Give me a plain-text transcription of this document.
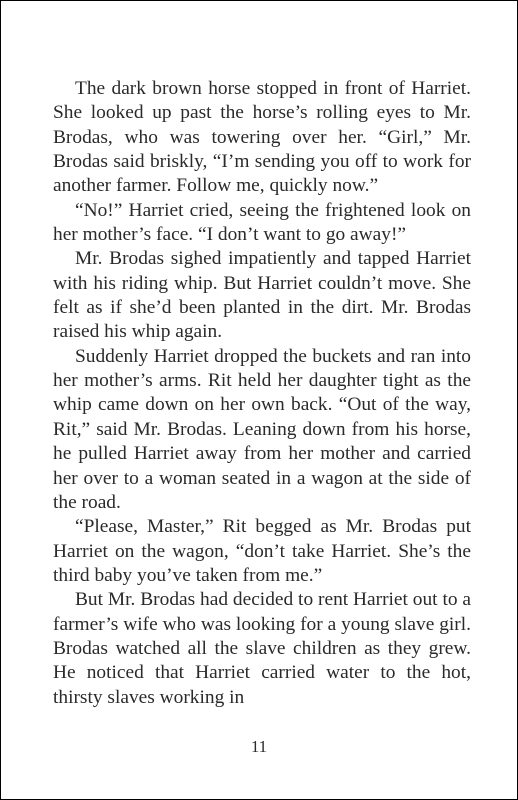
The dark brown horse stopped in front of Harriet. She looked up past the horse’s rolling eyes to Mr. Brodas, who was towering over her. “Girl,” Mr. Brodas said briskly, “I’m sending you off to work for another farmer. Follow me, quickly now.”

“No!” Harriet cried, seeing the frightened look on her mother’s face. “I don’t want to go away!”

Mr. Brodas sighed impatiently and tapped Harriet with his riding whip. But Harriet couldn’t move. She felt as if she’d been planted in the dirt. Mr. Brodas raised his whip again.

Suddenly Harriet dropped the buckets and ran into her mother’s arms. Rit held her daughter tight as the whip came down on her own back. “Out of the way, Rit,” said Mr. Brodas. Leaning down from his horse, he pulled Harriet away from her mother and carried her over to a woman seated in a wagon at the side of the road.

“Please, Master,” Rit begged as Mr. Brodas put Harriet on the wagon, “don’t take Harriet. She’s the third baby you’ve taken from me.”

But Mr. Brodas had decided to rent Harriet out to a farmer’s wife who was looking for a young slave girl. Brodas watched all the slave children as they grew. He noticed that Harriet carried water to the hot, thirsty slaves working in

11
